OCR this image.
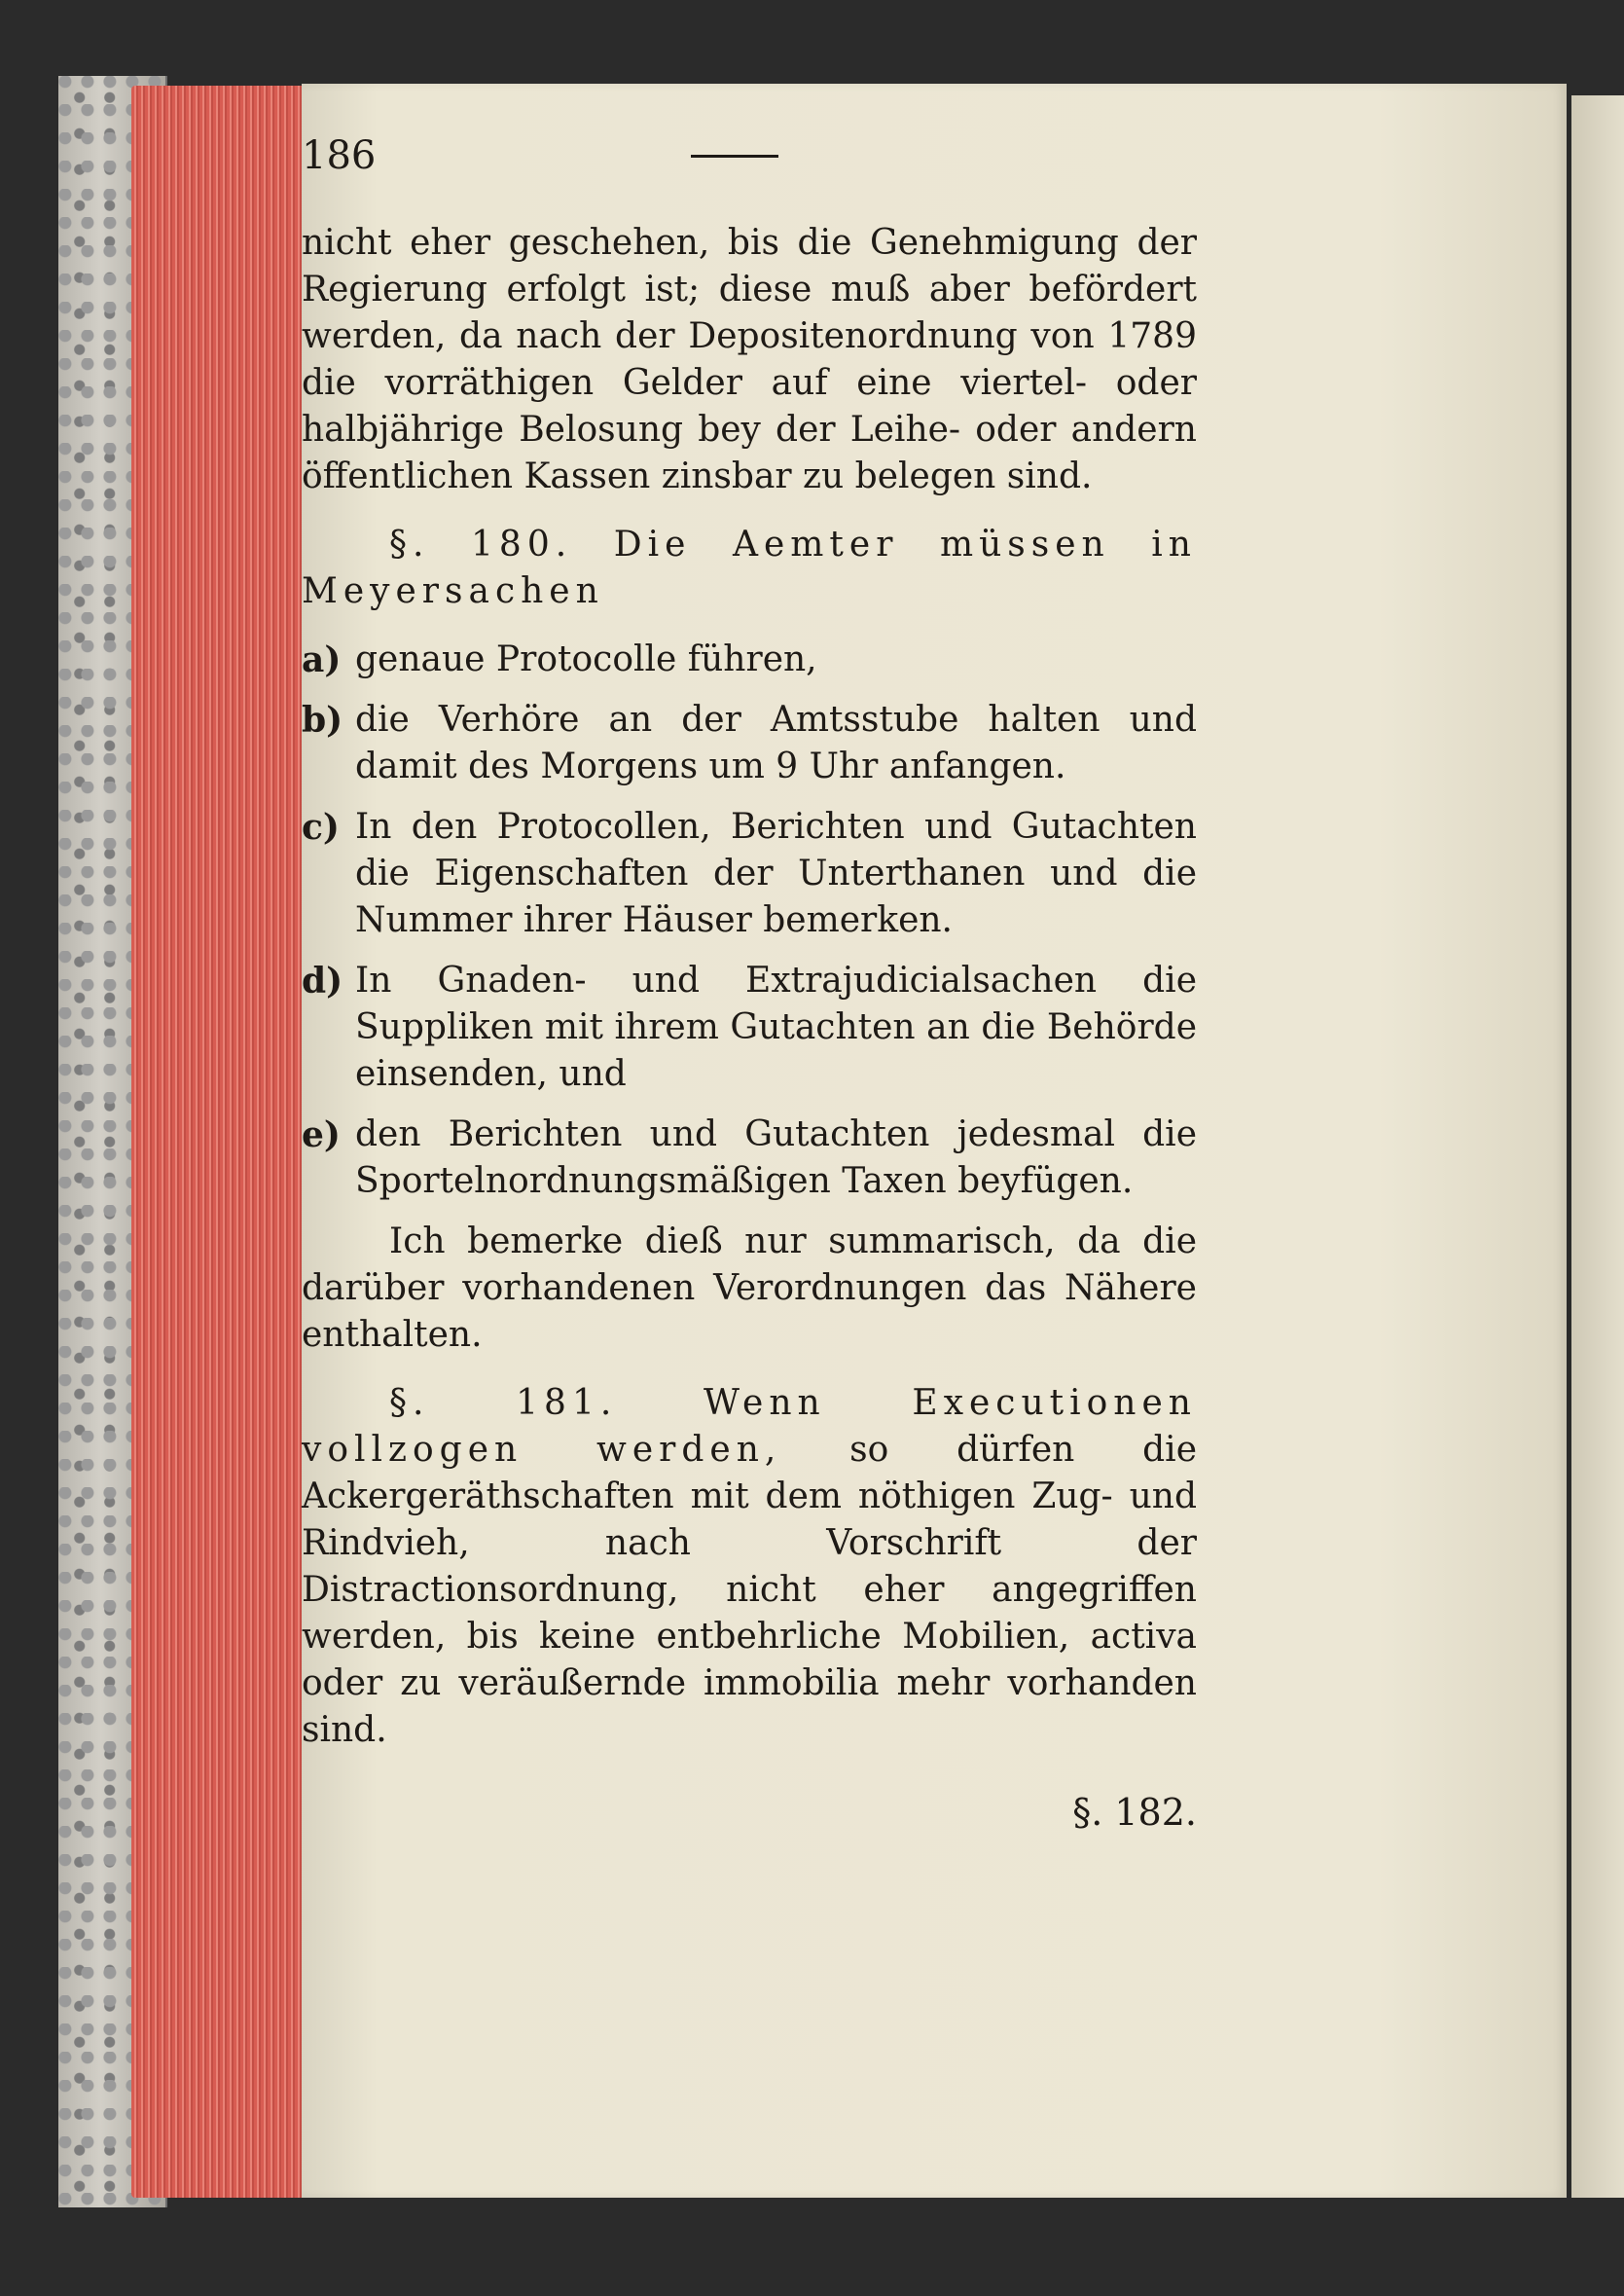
186

nicht eher geschehen, bis die Genehmigung der Regierung erfolgt ist; diese muß aber befördert werden, da nach der Depositenordnung von 1789 die vorräthigen Gelder auf eine viertel- oder halbjährige Belosung bey der Leihe- oder andern öffentlichen Kassen zinsbar zu belegen sind.

§. 180. Die Aemter müssen in Meyersachen

a) genaue Protocolle führen,
b) die Verhöre an der Amtsstube halten und damit des Morgens um 9 Uhr anfangen.
c) In den Protocollen, Berichten und Gutachten die Eigenschaften der Unterthanen und die Nummer ihrer Häuser bemerken.
d) In Gnaden- und Extrajudicialsachen die Suppliken mit ihrem Gutachten an die Behörde einsenden, und
e) den Berichten und Gutachten jedesmal die Sportelnordnungsmäßigen Taxen beyfügen.

Ich bemerke dieß nur summarisch, da die darüber vorhandenen Verordnungen das Nähere enthalten.

§. 181. Wenn Executionen vollzogen werden, so dürfen die Ackergeräthschaften mit dem nöthigen Zug- und Rindvieh, nach Vorschrift der Distractionsordnung, nicht eher angegriffen werden, bis keine entbehrliche Mobilien, activa oder zu veräußernde immobilia mehr vorhanden sind.

§. 182.
